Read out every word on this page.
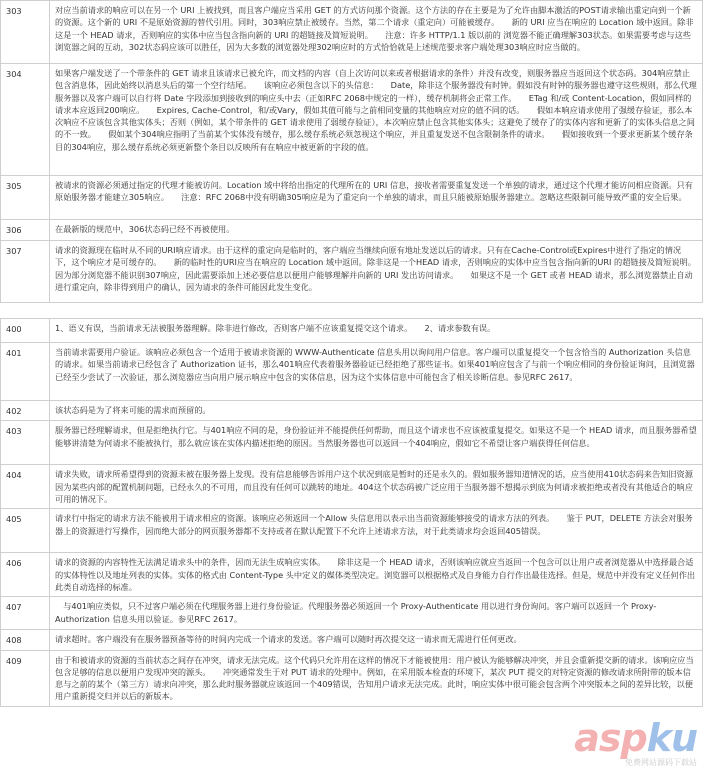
303	对应当前请求的响应可以在另一个 URI 上被找到，而且客户端应当采用 GET 的方式访问那个资源。这个方法的存在主要是为了允许由脚本激活的POST请求输出重定向到一个新的资源。这个新的 URI 不是原始资源的替代引用。同时，303响应禁止被缓存。当然，第二个请求（重定向）可能被缓存。　　新的 URI 应当在响应的 Location 域中返回。除非这是一个 HEAD 请求，否则响应的实体中应当包含指向新的 URI 的超链接及简短说明。　　注意：许多 HTTP/1.1 版以前的 浏览器不能正确理解303状态。如果需要考虑与这些浏览器之间的互动，302状态码应该可以胜任，因为大多数的浏览器处理302响应时的方式恰恰就是上述规范要求客户端处理303响应时应当做的。
304	如果客户端发送了一个带条件的 GET 请求且该请求已被允许，而文档的内容（自上次访问以来或者根据请求的条件）并没有改变，则服务器应当返回这个状态码。304响应禁止包含消息体，因此始终以消息头后的第一个空行结尾。　　该响应必须包含以下的头信息：　　Date，除非这个服务器没有时钟。假如没有时钟的服务器也遵守这些规则，那么代理服务器以及客户端可以自行将 Date 字段添加到接收到的响应头中去（正如RFC 2068中规定的一样），缓存机制将会正常工作。　　ETag 和/或 Content-Location，假如同样的请求本应返回200响应。　　Expires, Cache-Control，和/或Vary，假如其值可能与之前相同变量的其他响应对应的值不同的话。　　假如本响应请求使用了强缓存验证，那么本次响应不应该包含其他实体头；否则（例如，某个带条件的 GET 请求使用了弱缓存验证），本次响应禁止包含其他实体头；这避免了缓存了的实体内容和更新了的实体头信息之间的不一致。　　假如某个304响应指明了当前某个实体没有缓存，那么缓存系统必须忽视这个响应，并且重复发送不包含限制条件的请求。　　假如接收到一个要求更新某个缓存条目的304响应，那么缓存系统必须更新整个条目以反映所有在响应中被更新的字段的值。
305	被请求的资源必须通过指定的代理才能被访问。Location 域中将给出指定的代理所在的 URI 信息，接收者需要重复发送一个单独的请求，通过这个代理才能访问相应资源。只有原始服务器才能建立305响应。　　注意：RFC 2068中没有明确305响应是为了重定向一个单独的请求，而且只能被原始服务器建立。忽略这些限制可能导致严重的安全后果。
306	在最新版的规范中，306状态码已经不再被使用。
307	请求的资源现在临时从不同的URI响应请求。由于这样的重定向是临时的，客户端应当继续向原有地址发送以后的请求。只有在Cache-Control或Expires中进行了指定的情况下，这个响应才是可缓存的。　　新的临时性的URI应当在响应的 Location 域中返回。除非这是一个HEAD 请求，否则响应的实体中应当包含指向新的URI 的超链接及简短说明。因为部分浏览器不能识别307响应，因此需要添加上述必要信息以便用户能够理解并向新的 URI 发出访问请求。　　如果这不是一个 GET 或者 HEAD 请求，那么浏览器禁止自动进行重定向，除非得到用户的确认，因为请求的条件可能因此发生变化。
400	1、语义有误，当前请求无法被服务器理解。除非进行修改，否则客户端不应该重复提交这个请求。　　2、请求参数有误。
401	当前请求需要用户验证。该响应必须包含一个适用于被请求资源的 WWW-Authenticate 信息头用以询问用户信息。客户端可以重复提交一个包含恰当的 Authorization 头信息的请求。如果当前请求已经包含了 Authorization 证书，那么401响应代表着服务器验证已经拒绝了那些证书。如果401响应包含了与前一个响应相同的身份验证询问，且浏览器已经至少尝试了一次验证，那么浏览器应当向用户展示响应中包含的实体信息，因为这个实体信息中可能包含了相关诊断信息。参见RFC 2617。
402	该状态码是为了将来可能的需求而预留的。
403	服务器已经理解请求，但是拒绝执行它。与401响应不同的是，身份验证并不能提供任何帮助，而且这个请求也不应该被重复提交。如果这不是一个 HEAD 请求，而且服务器希望能够讲清楚为何请求不能被执行，那么就应该在实体内描述拒绝的原因。当然服务器也可以返回一个404响应，假如它不希望让客户端获得任何信息。
404	请求失败，请求所希望得到的资源未被在服务器上发现。没有信息能够告诉用户这个状况到底是暂时的还是永久的。假如服务器知道情况的话，应当使用410状态码来告知旧资源因为某些内部的配置机制问题，已经永久的不可用，而且没有任何可以跳转的地址。404这个状态码被广泛应用于当服务器不想揭示到底为何请求被拒绝或者没有其他适合的响应可用的情况下。
405	请求行中指定的请求方法不能被用于请求相应的资源。该响应必须返回一个Allow 头信息用以表示出当前资源能够接受的请求方法的列表。　　鉴于 PUT，DELETE 方法会对服务器上的资源进行写操作，因而绝大部分的网页服务器都不支持或者在默认配置下不允许上述请求方法，对于此类请求均会返回405错误。
406	请求的资源的内容特性无法满足请求头中的条件，因而无法生成响应实体。　　除非这是一个 HEAD 请求，否则该响应就应当返回一个包含可以让用户或者浏览器从中选择最合适的实体特性以及地址列表的实体。实体的格式由 Content-Type 头中定义的媒体类型决定。浏览器可以根据格式及自身能力自行作出最佳选择。但是，规范中并没有定义任何作出此类自动选择的标准。
407	　与401响应类似，只不过客户端必须在代理服务器上进行身份验证。代理服务器必须返回一个 Proxy-Authenticate 用以进行身份询问。客户端可以返回一个 Proxy-Authorization 信息头用以验证。参见RFC 2617。
408	请求超时。客户端没有在服务器预备等待的时间内完成一个请求的发送。客户端可以随时再次提交这一请求而无需进行任何更改。
409	由于和被请求的资源的当前状态之间存在冲突，请求无法完成。这个代码只允许用在这样的情况下才能被使用：用户被认为能够解决冲突，并且会重新提交新的请求。该响应应当包含足够的信息以便用户发现冲突的源头。　　冲突通常发生于对 PUT 请求的处理中。例如，在采用版本检查的环境下，某次 PUT 提交的对特定资源的修改请求所附带的版本信息与之前的某个（第三方）请求向冲突，那么此时服务器就应该返回一个409错误，告知用户请求无法完成。此时，响应实体中很可能会包含两个冲突版本之间的差异比较，以便用户重新提交归并以后的新版本。
aspku
免费网站源码下载站
